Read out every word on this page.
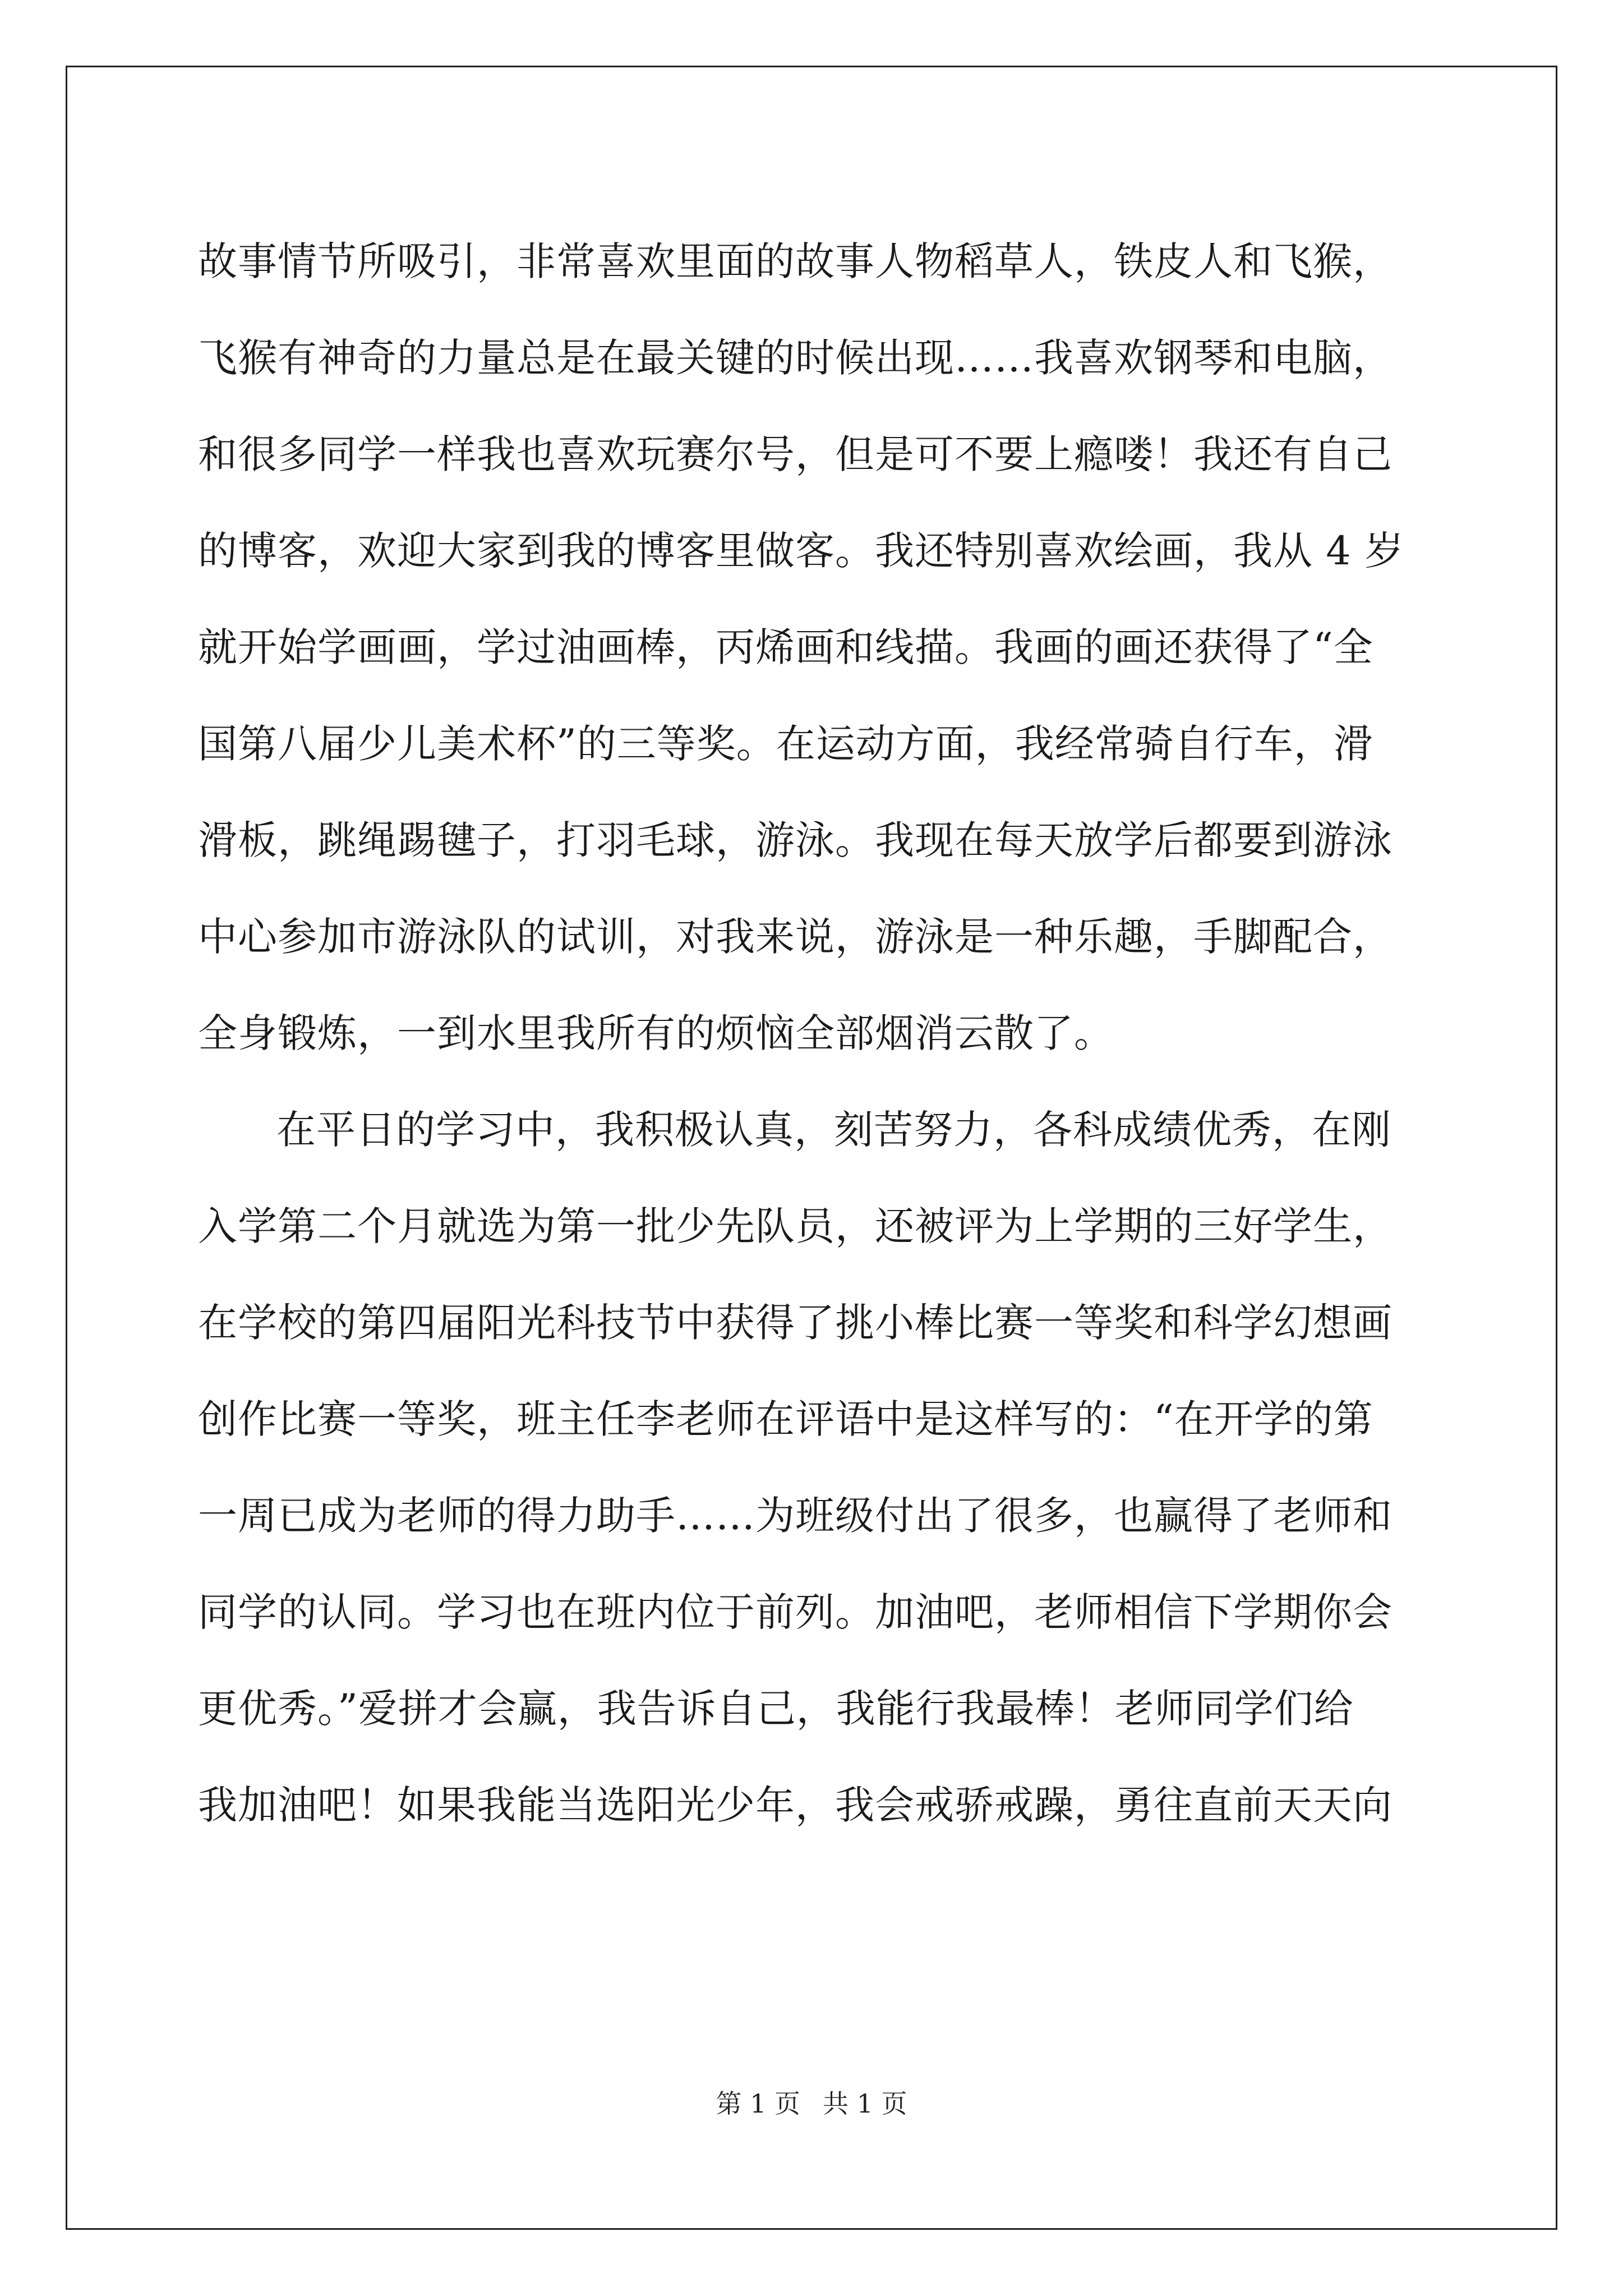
故事情节所吸引，非常喜欢里面的故事人物稻草人，铁皮人和飞猴，
飞猴有神奇的力量总是在最关键的时候出现……我喜欢钢琴和电脑，
和很多同学一样我也喜欢玩赛尔号，但是可不要上瘾喽！我还有自己
的博客，欢迎大家到我的博客里做客。我还特别喜欢绘画，我从 4 岁
就开始学画画，学过油画棒，丙烯画和线描。我画的画还获得了“全
国第八届少儿美术杯”的三等奖。在运动方面，我经常骑自行车，滑
滑板，跳绳踢毽子，打羽毛球，游泳。我现在每天放学后都要到游泳
中心参加市游泳队的试训，对我来说，游泳是一种乐趣，手脚配合，
全身锻炼，一到水里我所有的烦恼全部烟消云散了。
在平日的学习中，我积极认真，刻苦努力，各科成绩优秀，在刚
入学第二个月就选为第一批少先队员，还被评为上学期的三好学生，
在学校的第四届阳光科技节中获得了挑小棒比赛一等奖和科学幻想画
创作比赛一等奖，班主任李老师在评语中是这样写的：“在开学的第
一周已成为老师的得力助手……为班级付出了很多，也赢得了老师和
同学的认同。学习也在班内位于前列。加油吧，老师相信下学期你会
更优秀。”爱拼才会赢，我告诉自己，我能行我最棒！老师同学们给
我加油吧！如果我能当选阳光少年，我会戒骄戒躁，勇往直前天天向
第 1 页 共 1 页
